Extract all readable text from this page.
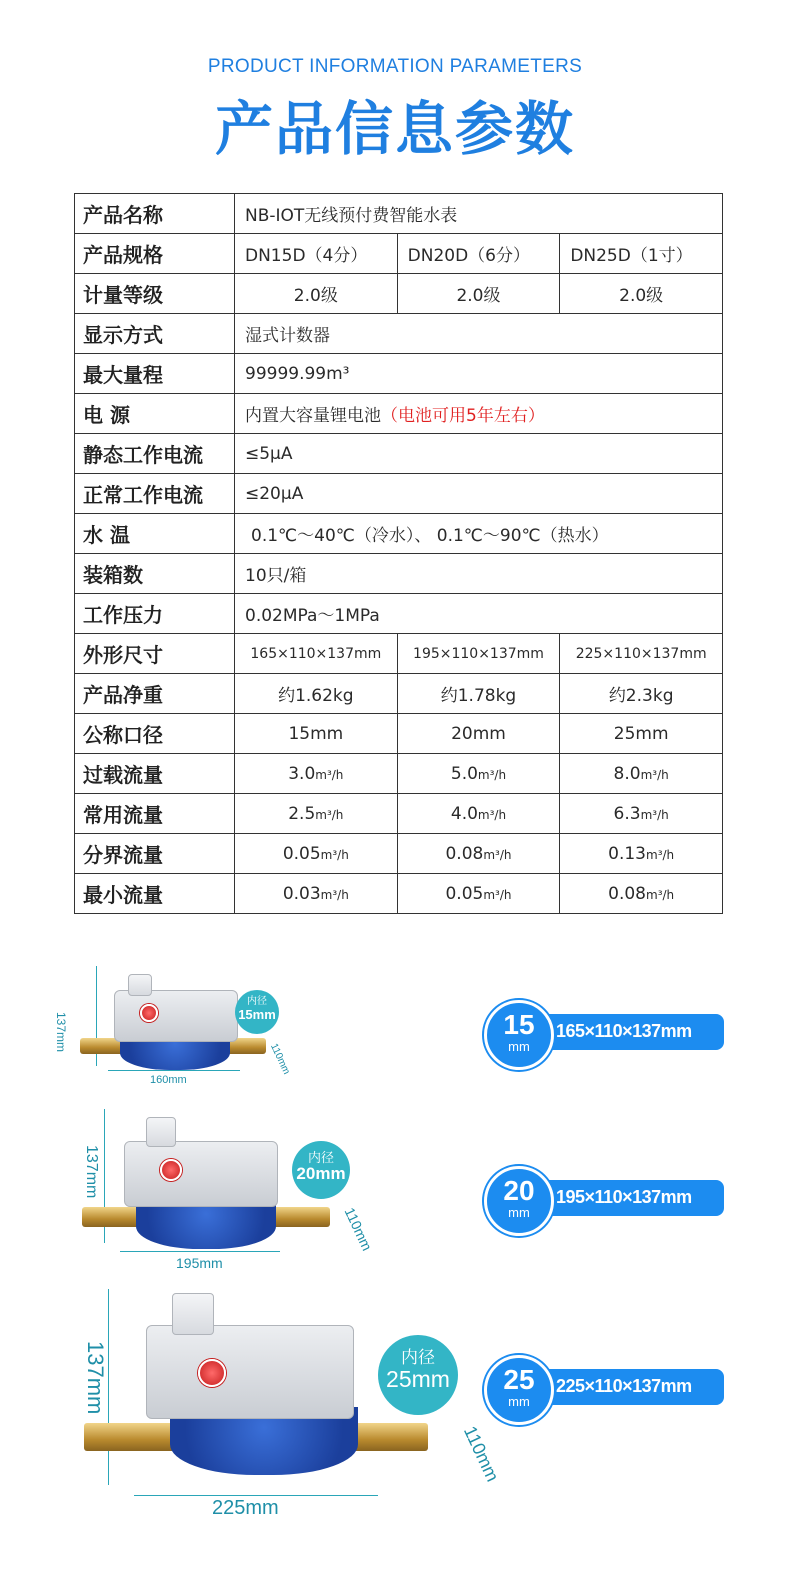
PRODUCT INFORMATION PARAMETERS
产品信息参数
产品名称	NB-IOT无线预付费智能水表		
产品规格	DN15D（4分）	DN20D（6分）	DN25D（1寸）
计量等级	2.0级	2.0级	2.0级
显示方式	湿式计数器		
最大量程	99999.99m³		
电 源	内置大容量锂电池（电池可用5年左右）		
静态工作电流	≤5μA		
正常工作电流	≤20μA		
水 温	0.1℃～40℃（冷水）、 0.1℃～90℃（热水）		
装箱数	10只/箱		
工作压力	0.02MPa～1MPa		
外形尺寸	165×110×137mm	195×110×137mm	225×110×137mm
产品净重	约1.62kg	约1.78kg	约2.3kg
公称口径	15mm	20mm	25mm
过载流量	3.0m³/h	5.0m³/h	8.0m³/h
常用流量	2.5m³/h	4.0m³/h	6.3m³/h
分界流量	0.05m³/h	0.08m³/h	0.13m³/h
最小流量	0.03m³/h	0.05m³/h	0.08m³/h
137mm
160mm
110mm
内径
15mm	15
mm
165×110×137mm
137mm
195mm
110mm
内径
20mm
20
mm
195×110×137mm
137mm
225mm
110mm
内径
25mm	25
mm
225×110×137mm
